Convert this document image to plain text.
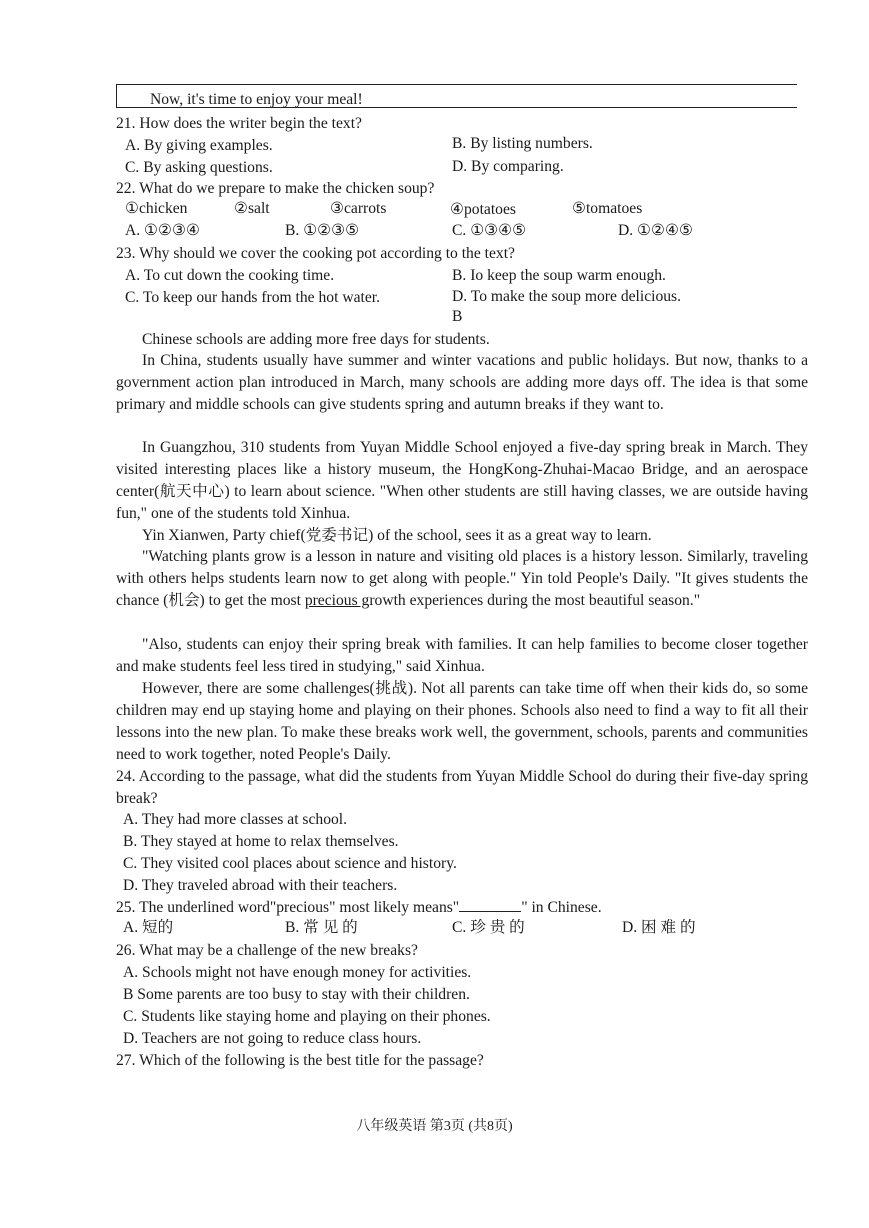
Now, it's time to enjoy your meal!
21. How does the writer begin the text?
A. By giving examples.	B. By listing numbers.
C. By asking questions.	D. By comparing.
22. What do we prepare to make the chicken soup?
①chicken	②salt	③carrots	④potatoes	⑤tomatoes
A. ①②③④	B. ①②③⑤	C. ①③④⑤	D. ①②④⑤
23. Why should we cover the cooking pot according to the text?
A. To cut down the cooking time.	B. Io keep the soup warm enough.
C. To keep our hands from the hot water.	D. To make the soup more delicious.
B
Chinese schools are adding more free days for students.
In China, students usually have summer and winter vacations and public holidays. But now, thanks to a government action plan introduced in March, many schools are adding more days off. The idea is that some primary and middle schools can give students spring and autumn breaks if they want to.
In Guangzhou, 310 students from Yuyan Middle School enjoyed a five-day spring break in March. They visited interesting places like a history museum, the HongKong-Zhuhai-Macao Bridge, and an aerospace center(航天中心) to learn about science. "When other students are still having classes, we are outside having fun," one of the students told Xinhua.
Yin Xianwen, Party chief(党委书记) of the school, sees it as a great way to learn.
"Watching plants grow is a lesson in nature and visiting old places is a history lesson. Similarly, traveling with others helps students learn now to get along with people." Yin told People's Daily. "It gives students the chance (机会) to get the most precious growth experiences during the most beautiful season."
"Also, students can enjoy their spring break with families. It can help families to become closer together and make students feel less tired in studying," said Xinhua.
However, there are some challenges(挑战). Not all parents can take time off when their kids do, so some children may end up staying home and playing on their phones. Schools also need to find a way to fit all their lessons into the new plan. To make these breaks work well, the government, schools, parents and communities need to work together, noted People's Daily.
24. According to the passage, what did the students from Yuyan Middle School do during their five-day spring break?
A. They had more classes at school.
B. They stayed at home to relax themselves.
C. They visited cool places about science and history.
D. They traveled abroad with their teachers.
25. The underlined word"precious" most likely means"	" in Chinese.
A. 短的	B. 常 见 的	C. 珍 贵 的	D. 困 难 的
26. What may be a challenge of the new breaks?
A. Schools might not have enough money for activities.
B Some parents are too busy to stay with their children.
C. Students like staying home and playing on their phones.
D. Teachers are not going to reduce class hours.
27. Which of the following is the best title for the passage?
八年级英语 第3页 (共8页)
